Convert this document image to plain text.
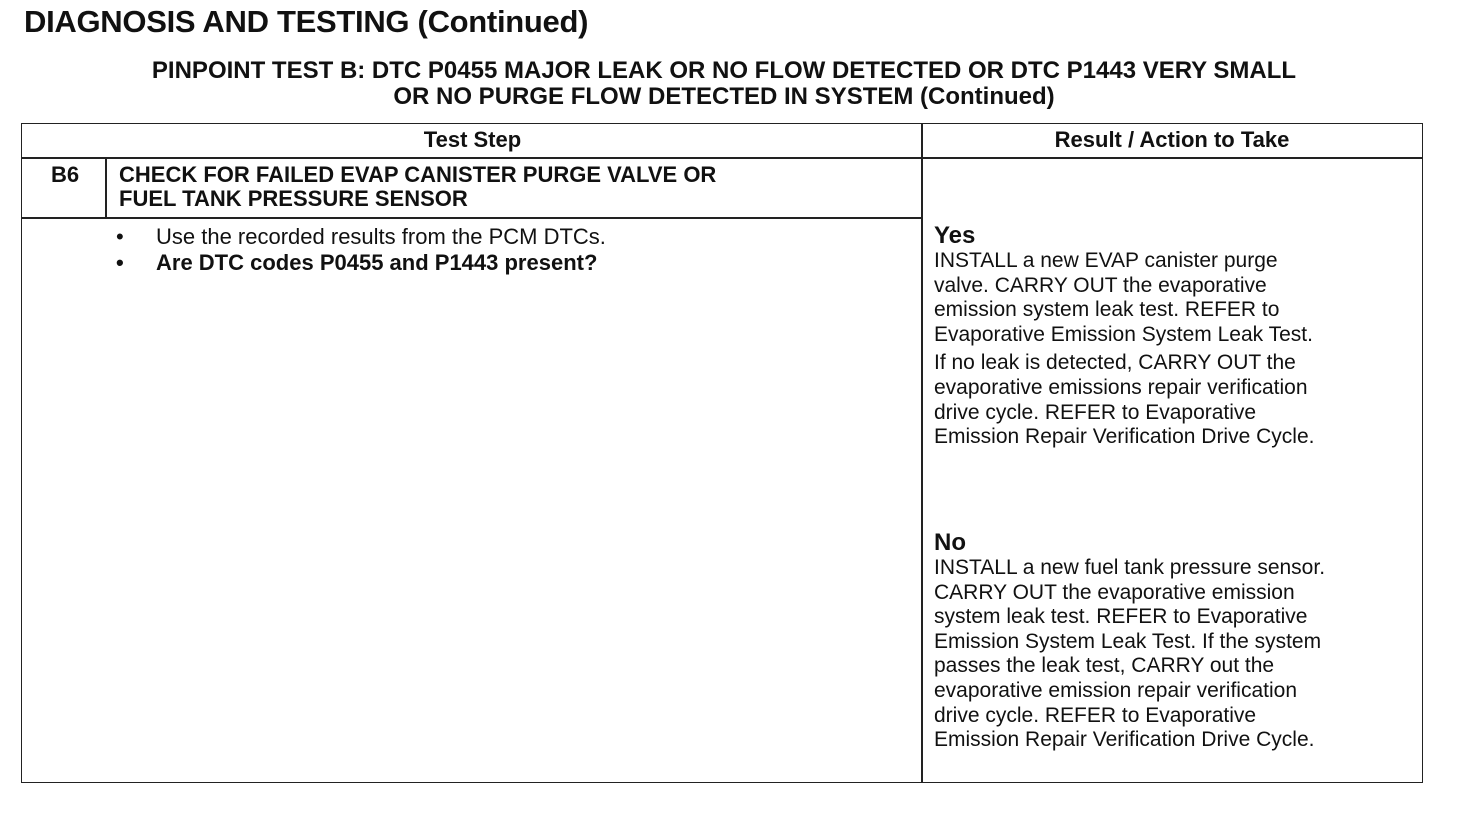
DIAGNOSIS AND TESTING (Continued)
PINPOINT TEST B: DTC P0455 MAJOR LEAK OR NO FLOW DETECTED OR DTC P1443 VERY SMALL
OR NO PURGE FLOW DETECTED IN SYSTEM (Continued)
Test Step	Result / Action to Take
B6	CHECK FOR FAILED EVAP CANISTER PURGE VALVE OR
FUEL TANK PRESSURE SENSOR
• Use the recorded results from the PCM DTCs.
• Are DTC codes P0455 and P1443 present?
Yes
INSTALL a new EVAP canister purge
valve. CARRY OUT the evaporative
emission system leak test. REFER to
Evaporative Emission System Leak Test.
If no leak is detected, CARRY OUT the
evaporative emissions repair verification
drive cycle. REFER to Evaporative
Emission Repair Verification Drive Cycle.
No
INSTALL a new fuel tank pressure sensor.
CARRY OUT the evaporative emission
system leak test. REFER to Evaporative
Emission System Leak Test. If the system
passes the leak test, CARRY out the
evaporative emission repair verification
drive cycle. REFER to Evaporative
Emission Repair Verification Drive Cycle.
